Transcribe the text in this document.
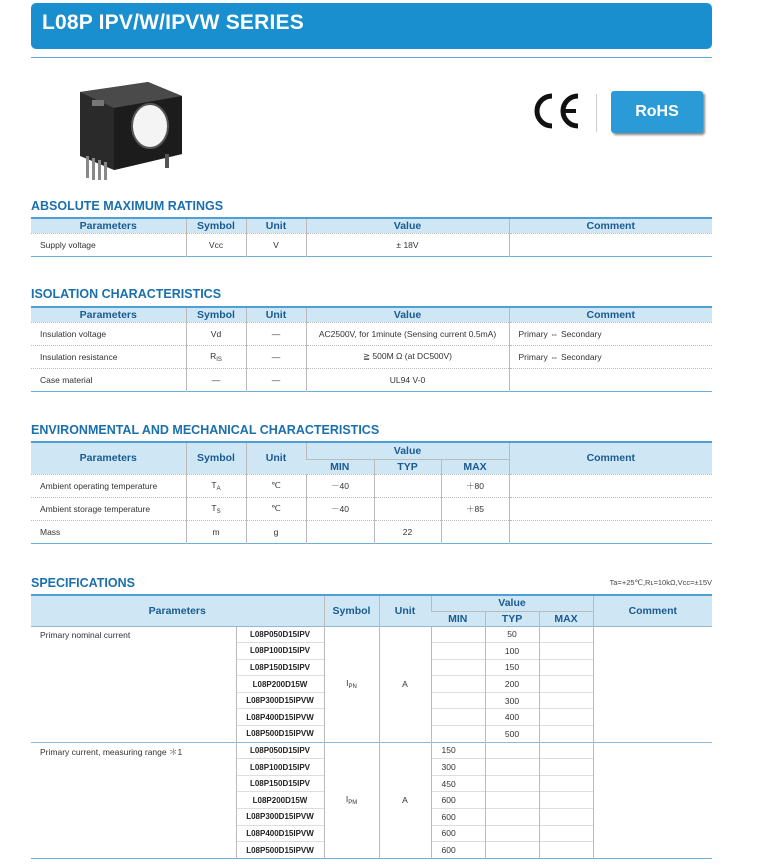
L08P IPV/W/IPVW SERIES
RoHS
ABSOLUTE MAXIMUM RATINGS
Parameters	Symbol	Unit	Value	Comment
Supply voltage	Vcc	V	± 18V	
ISOLATION CHARACTERISTICS
Parameters	Symbol	Unit	Value	Comment
Insulation voltage	Vd	—	AC2500V, for 1minute (Sensing current 0.5mA)	Primary ⇔ Secondary
Insulation resistance	$R_{IS}$	—	≧ 500M Ω (at DC500V)	Primary ⇔ Secondary
Case material	—	—	UL94 V-0	
ENVIRONMENTAL AND MECHANICAL CHARACTERISTICS
Parameters	Symbol	Unit	Value			Comment
			MIN	TYP	MAX	
Ambient operating temperature	$T_A$	℃	－40		＋80	
Ambient storage temperature	$T_S$	℃	－40		＋85	
Mass	m	g		22		
SPECIFICATIONS	Ta=+25℃,Rʟ=10kΩ,Vcc=±15V
Parameters		Symbol	Unit	Value			Comment
				MIN	TYP	MAX	
Primary nominal current	L08P050D15IPV	$I_{PN}$	A		50		
	L08P100D15IPV				100		
	L08P150D15IPV				150		
	L08P200D15W				200		
	L08P300D15IPVW				300		
	L08P400D15IPVW				400		
	L08P500D15IPVW				500		
Primary current, measuring range ＊1	L08P050D15IPV	$I_{PM}$	A	150			
	L08P100D15IPV			300			
	L08P150D15IPV			450			
	L08P200D15W			600			
	L08P300D15IPVW			600			
	L08P400D15IPVW			600			
	L08P500D15IPVW			600			
